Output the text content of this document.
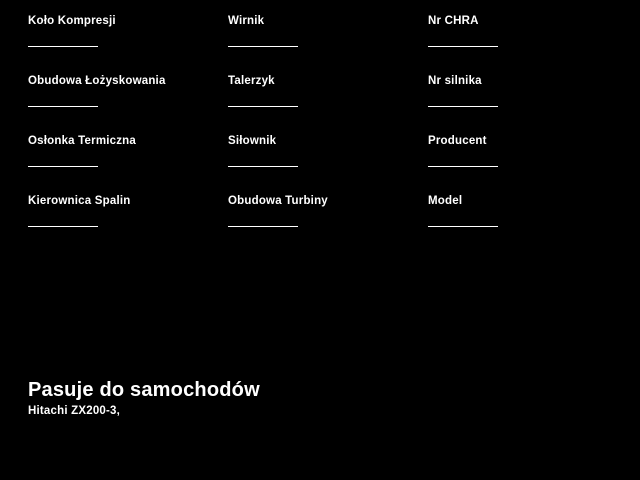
Koło Kompresji	Wirnik	Nr CHRA
Obudowa Łożyskowania	Talerzyk	Nr silnika
Osłonka Termiczna	Siłownik	Producent
Kierownica Spalin	Obudowa Turbiny	Model
Pasuje do samochodów
Hitachi ZX200-3,
